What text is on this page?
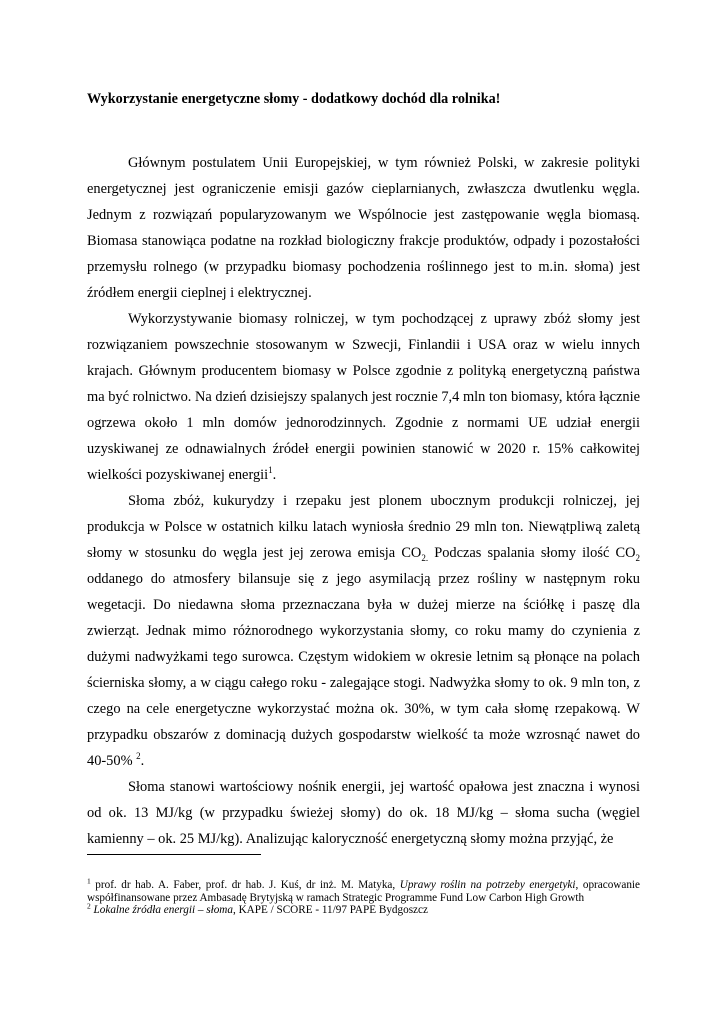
Wykorzystanie energetyczne słomy - dodatkowy dochód dla rolnika!

Głównym postulatem Unii Europejskiej, w tym również Polski, w zakresie polityki energetycznej jest ograniczenie emisji gazów cieplarnianych, zwłaszcza dwutlenku węgla. Jednym z rozwiązań popularyzowanym we Wspólnocie jest zastępowanie węgla biomasą. Biomasa stanowiąca podatne na rozkład biologiczny frakcje produktów, odpady i pozostałości przemysłu rolnego (w przypadku biomasy pochodzenia roślinnego jest to m.in. słoma) jest źródłem energii cieplnej i elektrycznej.

Wykorzystywanie biomasy rolniczej, w tym pochodzącej z uprawy zbóż słomy jest rozwiązaniem powszechnie stosowanym w Szwecji, Finlandii i USA oraz w wielu innych krajach. Głównym producentem biomasy w Polsce zgodnie z polityką energetyczną państwa ma być rolnictwo. Na dzień dzisiejszy spalanych jest rocznie 7,4 mln ton biomasy, która łącznie ogrzewa około 1 mln domów jednorodzinnych. Zgodnie z normami UE udział energii uzyskiwanej ze odnawialnych źródeł energii powinien stanowić w 2020 r. 15% całkowitej wielkości pozyskiwanej energii$^1$.

Słoma zbóż, kukurydzy i rzepaku jest plonem ubocznym produkcji rolniczej, jej produkcja w Polsce w ostatnich kilku latach wyniosła średnio 29 mln ton. Niewątpliwą zaletą słomy w stosunku do węgla jest jej zerowa emisja $CO_{2.}$ Podczas spalania słomy ilość $CO_2$ oddanego do atmosfery bilansuje się z jego asymilacją przez rośliny w następnym roku wegetacji. Do niedawna słoma przeznaczana była w dużej mierze na ściółkę i paszę dla zwierząt. Jednak mimo różnorodnego wykorzystania słomy, co roku mamy do czynienia z dużymi nadwyżkami tego surowca. Częstym widokiem w okresie letnim są płonące na polach ścierniska słomy, a w ciągu całego roku - zalegające stogi. Nadwyżka słomy to ok. 9 mln ton, z czego na cele energetyczne wykorzystać można ok. 30%, w tym cała słomę rzepakową. W przypadku obszarów z dominacją dużych gospodarstw wielkość ta może wzrosnąć nawet do 40-50% $^2$.

Słoma stanowi wartościowy nośnik energii, jej wartość opałowa jest znaczna i wynosi od ok. 13 MJ/kg (w przypadku świeżej słomy) do ok. 18 MJ/kg – słoma sucha (węgiel kamienny – ok. 25 MJ/kg). Analizując kaloryczność energetyczną słomy można przyjąć, że

$^1$ prof. dr hab. A. Faber, prof. dr hab. J. Kuś, dr inż. M. Matyka, Uprawy roślin na potrzeby energetyki, opracowanie współfinansowane przez Ambasadę Brytyjską w ramach Strategic Programme Fund Low Carbon High Growth

$^2$ Lokalne źródła energii – słoma, KAPE / SCORE - 11/97 PAPE Bydgoszcz
